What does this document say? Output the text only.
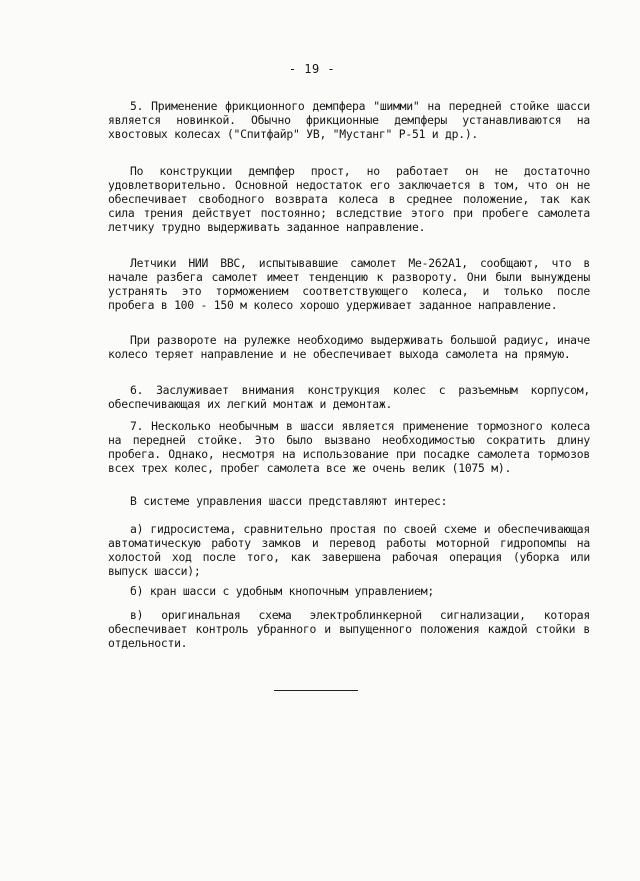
- 19 -

5. Применение фрикционного демпфера "шимми" на передней стойке шасси является новинкой. Обычно фрикционные демпферы устанавливаются на хвостовых колесах ("Спитфайр" УВ, "Мустанг" Р-51 и др.).

По конструкции демпфер прост, но работает он не достаточно удовлетворительно. Основной недостаток его заключается в том, что он не обеспечивает свободного возврата колеса в среднее положение, так как сила трения действует постоянно; вследствие этого при пробеге самолета летчику трудно выдерживать заданное направление.

Летчики НИИ ВВС, испытывавшие самолет Ме-262А1, сообщают, что в начале разбега самолет имеет тенденцию к развороту. Они были вынуждены устранять это торможением соответствующего колеса, и только после пробега в 100 - 150 м колесо хорошо удерживает заданное направление.

При развороте на рулежке необходимо выдерживать большой радиус, иначе колесо теряет направление и не обеспечивает выхода самолета на прямую.

6. Заслуживает внимания конструкция колес с разъемным корпусом, обеспечивающая их легкий монтаж и демонтаж.

7. Несколько необычным в шасси является применение тормозного колеса на передней стойке. Это было вызвано необходимостью сократить длину пробега. Однако, несмотря на использование при посадке самолета тормозов всех трех колес, пробег самолета все же очень велик (1075 м).

В системе управления шасси представляют интерес:

а) гидросистема, сравнительно простая по своей схеме и обеспечивающая автоматическую работу замков и перевод работы моторной гидропомпы на холостой ход после того, как завершена рабочая операция (уборка или выпуск шасси);

б) кран шасси с удобным кнопочным управлением;

в) оригинальная схема электроблинкерной сигнализации, которая обеспечивает контроль убранного и выпущенного положения каждой стойки в отдельности.
